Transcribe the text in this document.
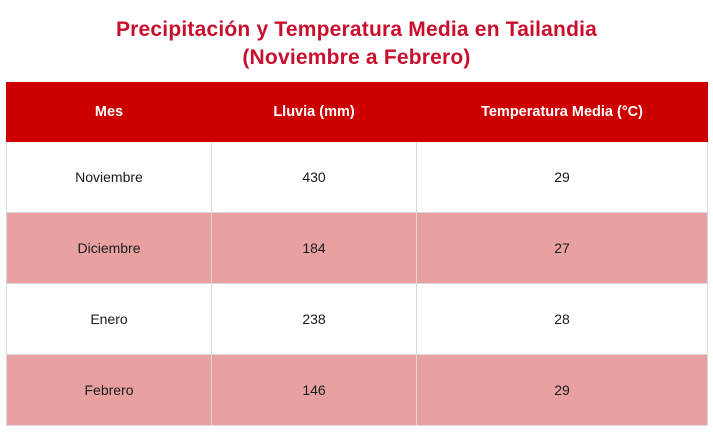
Precipitación y Temperatura Media en Tailandia
(Noviembre a Febrero)
Mes	Lluvia (mm)	Temperatura Media (°C)
Noviembre	430	29
Diciembre	184	27
Enero	238	28
Febrero	146	29
